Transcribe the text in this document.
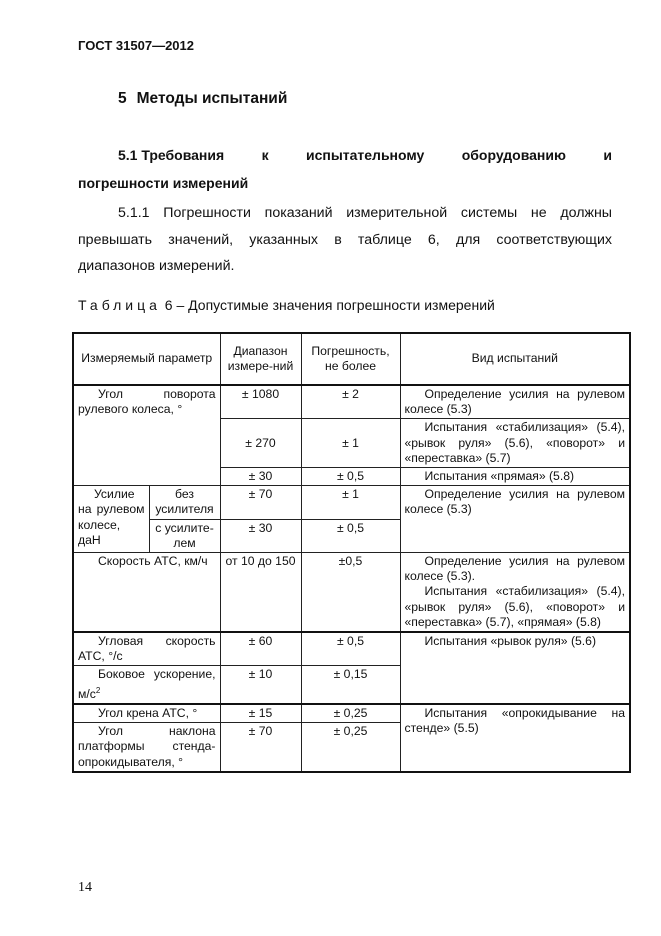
ГОСТ 31507—2012
5 Методы испытаний
5.1 Требования	к	испытательному	оборудованию	и
погрешности измерений
5.1.1 Погрешности показаний измерительной системы не должны
превышать значений, указанных в таблице 6, для соответствующих
диапазонов измерений.
Таблица 6 – Допустимые значения погрешности измерений
Измеряемый параметр		Диапазон измере-ний	Погрешность, не более	Вид испытаний
Угол поворота рулевого колеса, °		± 1080	± 2	Определение усилия на рулевом колесе (5.3)
		± 270	± 1	Испытания «стабилизация» (5.4), «рывок руля» (5.6), «поворот» и «переставка» (5.7)
		± 30	± 0,5	Испытания «прямая» (5.8)
Усилие на рулевом колесе, даН	без усилителя	± 70	± 1	Определение усилия на рулевом колесе (5.3)
	с усилите-лем	± 30	± 0,5	
Скорость АТС, км/ч		от 10 до 150	±0,5	Определение усилия на рулевом колесе (5.3).
Испытания «стабилизация» (5.4), «рывок руля» (5.6), «поворот» и «переставка» (5.7), «прямая» (5.8)

Угловая скорость АТС, °/с		± 60	± 0,5	Испытания «рывок руля» (5.6)
Боковое ускорение, $м/с^2$		± 10	± 0,15	
Угол крена АТС, °		± 15	± 0,25	Испытания «опрокидывание на стенде» (5.5)
Угол наклона платформы стенда-опрокидывателя, °		± 70	± 0,25	
14
